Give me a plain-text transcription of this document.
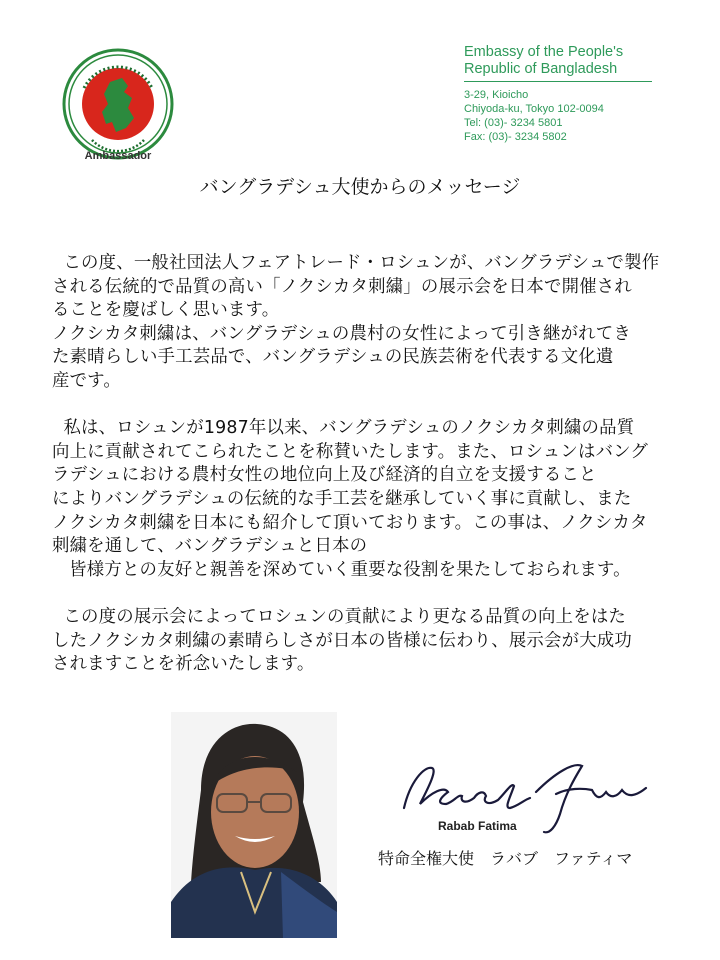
Ambassador
Embassy of the People's
Republic of Bangladesh
3-29, Kioicho
Chiyoda-ku, Tokyo 102-0094
Tel: (03)- 3234 5801
Fax: (03)- 3234 5802
バングラデシュ大使からのメッセージ

この度、一般社団法人フェアトレード・ロシュンが、バングラデシュで製作

される伝統的で品質の高い「ノクシカタ刺繍」の展示会を日本で開催され

ることを慶ばしく思います。

ノクシカタ刺繍は、バングラデシュの農村の女性によって引き継がれてき

た素晴らしい手工芸品で、バングラデシュの民族芸術を代表する文化遺

産です。

私は、ロシュンが1987年以来、バングラデシュのノクシカタ刺繍の品質

向上に貢献されてこられたことを称賛いたします。また、ロシュンはバング

ラデシュにおける農村女性の地位向上及び経済的自立を支援すること

によりバングラデシュの伝統的な手工芸を継承していく事に貢献し、また

ノクシカタ刺繍を日本にも紹介して頂いております。この事は、ノクシカタ

刺繍を通して、バングラデシュと日本の

皆様方との友好と親善を深めていく重要な役割を果たしておられます。

この度の展示会によってロシュンの貢献により更なる品質の向上をはた

したノクシカタ刺繍の素晴らしさが日本の皆様に伝わり、展示会が大成功

されますことを祈念いたします。

Rabab Fatima
特命全権大使　ラバブ　ファティマ
